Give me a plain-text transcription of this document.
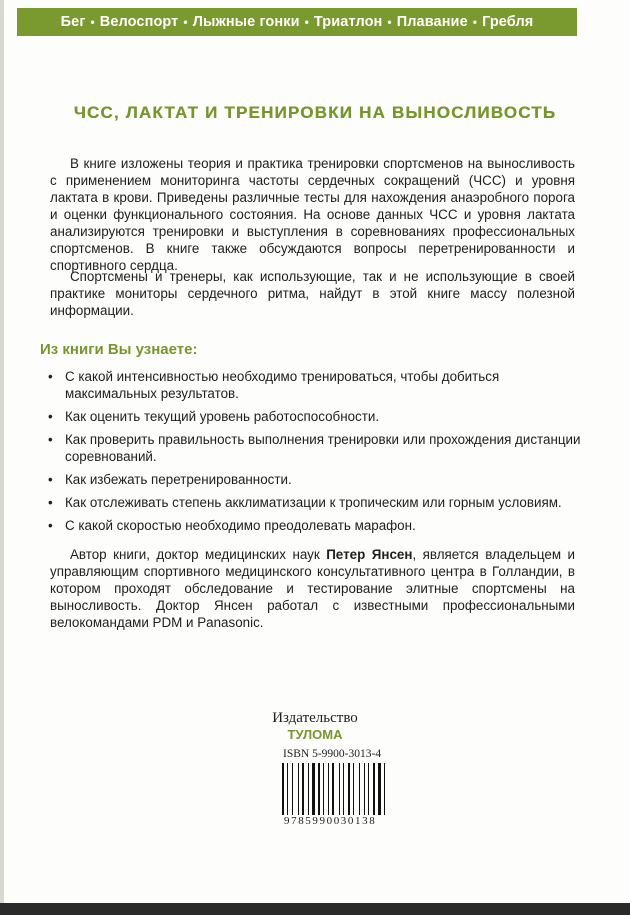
Бег • Велоспорт • Лыжные гонки • Триатлон • Плавание • Гребля
ЧСС, ЛАКТАТ И ТРЕНИРОВКИ НА ВЫНОСЛИВОСТЬ

В книге изложены теория и практика тренировки спортсменов на выносливость с применением мониторинга частоты сердечных сокращений (ЧСС) и уровня лактата в крови. Приведены различные тесты для нахождения анаэробного порога и оценки функционального состояния. На основе данных ЧСС и уровня лактата анализируются тренировки и выступления в соревнованиях профессиональных спортсменов. В книге также обсуждаются вопросы перетренированности и спортивного сердца.

Спортсмены и тренеры, как использующие, так и не использующие в своей практике мониторы сердечного ритма, найдут в этой книге массу полезной информации.

Из книги Вы узнаете:
• С какой интенсивностью необходимо тренироваться, чтобы добиться максимальных результатов.
• Как оценить текущий уровень работоспособности.
• Как проверить правильность выполнения тренировки или прохождения дистанции соревнований.
• Как избежать перетренированности.
• Как отслеживать степень акклиматизации к тропическим или горным условиям.
• С какой скоростью необходимо преодолевать марафон.

Автор книги, доктор медицинских наук Петер Янсен, является владельцем и управляющим спортивного медицинского консультативного центра в Голландии, в котором проходят обследование и тестирование элитные спортсмены на выносливость. Доктор Янсен работал с известными профессиональными велокомандами PDM и Panasonic.

Издательство
ТУЛОМА
ISBN 5-9900-3013-4
9785990030138
